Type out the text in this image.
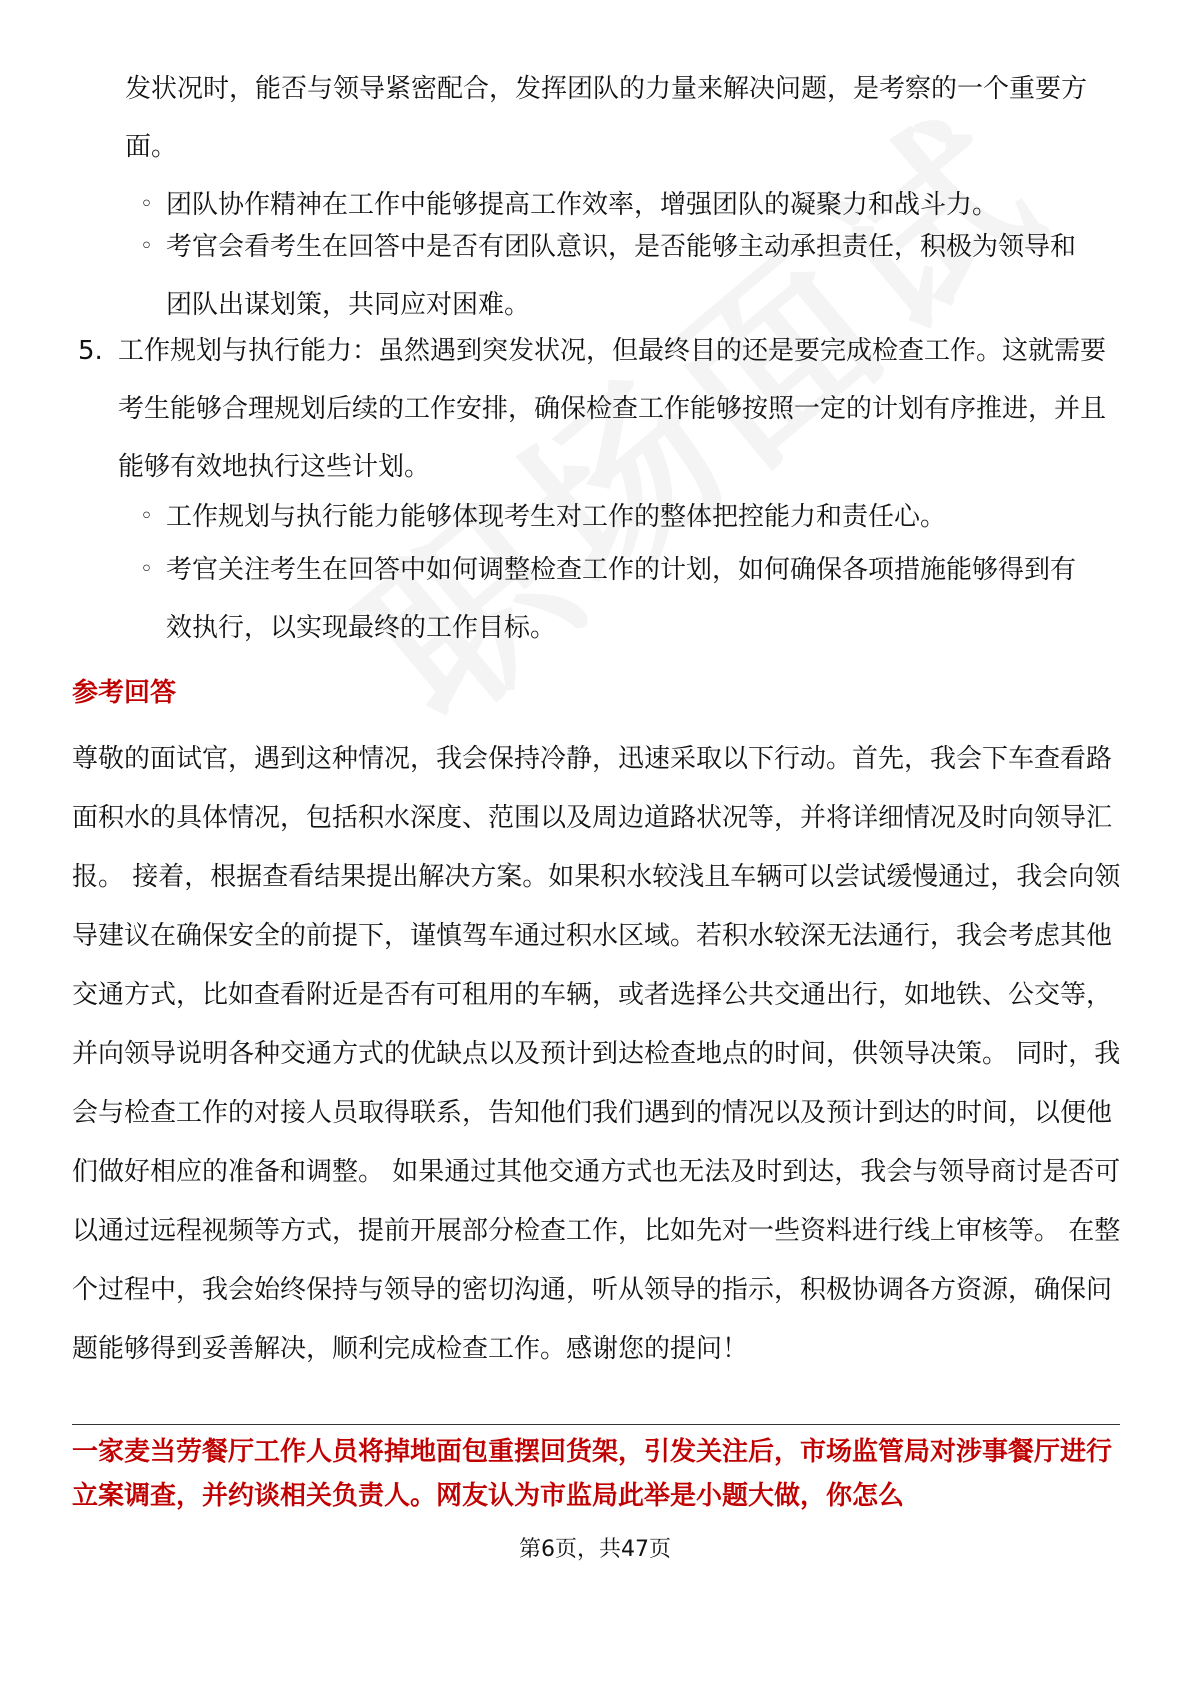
发状况时，能否与领导紧密配合，发挥团队的力量来解决问题，是考察的一个重要方面。

◦ 团队协作精神在工作中能够提高工作效率，增强团队的凝聚力和战斗力。
◦ 考官会看考生在回答中是否有团队意识，是否能够主动承担责任，积极为领导和团队出谋划策，共同应对困难。
5. 工作规划与执行能力：虽然遇到突发状况，但最终目的还是要完成检查工作。这就需要考生能够合理规划后续的工作安排，确保检查工作能够按照一定的计划有序推进，并且能够有效地执行这些计划。
◦ 工作规划与执行能力能够体现考生对工作的整体把控能力和责任心。
◦ 考官关注考生在回答中如何调整检查工作的计划，如何确保各项措施能够得到有效执行，以实现最终的工作目标。
参考回答

尊敬的面试官，遇到这种情况，我会保持冷静，迅速采取以下行动。首先，我会下车查看路面积水的具体情况，包括积水深度、范围以及周边道路状况等，并将详细情况及时向领导汇报。 接着，根据查看结果提出解决方案。如果积水较浅且车辆可以尝试缓慢通过，我会向领导建议在确保安全的前提下，谨慎驾车通过积水区域。若积水较深无法通行，我会考虑其他交通方式，比如查看附近是否有可租用的车辆，或者选择公共交通出行，如地铁、公交等，并向领导说明各种交通方式的优缺点以及预计到达检查地点的时间，供领导决策。 同时，我会与检查工作的对接人员取得联系，告知他们我们遇到的情况以及预计到达的时间，以便他们做好相应的准备和调整。 如果通过其他交通方式也无法及时到达，我会与领导商讨是否可以通过远程视频等方式，提前开展部分检查工作，比如先对一些资料进行线上审核等。 在整个过程中，我会始终保持与领导的密切沟通，听从领导的指示，积极协调各方资源，确保问题能够得到妥善解决，顺利完成检查工作。感谢您的提问！

一家麦当劳餐厅工作人员将掉地面包重摆回货架，引发关注后，市场监管局对涉事餐厅进行立案调查，并约谈相关负责人。网友认为市监局此举是小题大做，你怎么

第6页，共47页
